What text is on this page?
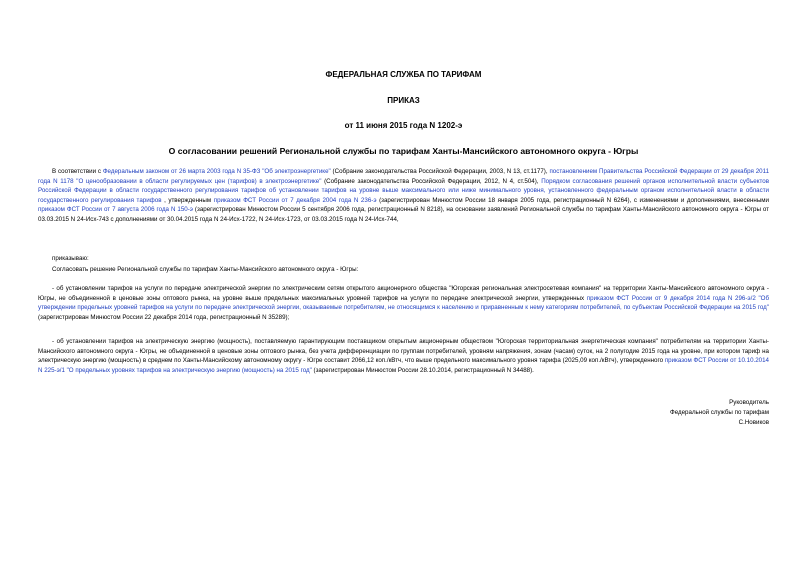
ФЕДЕРАЛЬНАЯ СЛУЖБА ПО ТАРИФАМ
ПРИКАЗ
от 11 июня 2015 года N 1202-э
О согласовании решений Региональной службы по тарифам Ханты-Мансийского автономного округа - Югры

В соответствии с Федеральным законом от 26 марта 2003 года N 35-ФЗ "Об электроэнергетике" (Собрание законодательства Российской Федерации, 2003, N 13, ст.1177), постановлением Правительства Российской Федерации от 29 декабря 2011 года N 1178 "О ценообразовании в области регулируемых цен (тарифов) в электроэнергетике" (Собрание законодательства Российской Федерации, 2012, N 4, ст.504), Порядком согласования решений органов исполнительной власти субъектов Российской Федерации в области государственного регулирования тарифов об установлении тарифов на уровне выше максимального или ниже минимального уровня, установленного федеральным органом исполнительной власти в области государственного регулирования тарифов , утвержденным приказом ФСТ России от 7 декабря 2004 года N 236-э (зарегистрирован Минюстом России 18 января 2005 года, регистрационный N 6264), с изменениями и дополнениями, внесенными приказом ФСТ России от 7 августа 2006 года N 150-э (зарегистрирован Минюстом России 5 сентября 2006 года, регистрационный N 8218), на основании заявлений Региональной службы по тарифам Ханты-Мансийского автономного округа - Югры от 03.03.2015 N 24-Исх-743 с дополнениями от 30.04.2015 года N 24-Исх-1722, N 24-Исх-1723, от 03.03.2015 года N 24-Исх-744,

приказываю:
Согласовать решение Региональной службы по тарифам Ханты-Мансийского автономного округа - Югры:

- об установлении тарифов на услуги по передаче электрической энергии по электрическим сетям открытого акционерного общества "Югорская региональная электросетевая компания" на территории Ханты-Мансийского автономного округа - Югры, не объединенной в ценовые зоны оптового рынка, на уровне выше предельных максимальных уровней тарифов на услуги по передаче электрической энергии, утвержденных приказом ФСТ России от 9 декабря 2014 года N 296-э/2 "Об утверждении предельных уровней тарифов на услуги по передаче электрической энергии, оказываемые потребителям, не относящимся к населению и приравненным к нему категориям потребителей, по субъектам Российской Федерации на 2015 год" (зарегистрирован Минюстом России 22 декабря 2014 года, регистрационный N 35289);

- об установлении тарифов на электрическую энергию (мощность), поставляемую гарантирующим поставщиком открытым акционерным обществом "Югорская территориальная энергетическая компания" потребителям на территории Ханты-Мансийского автономного округа - Югры, не объединенной в ценовые зоны оптового рынка, без учета дифференциации по группам потребителей, уровням напряжения, зонам (часам) суток, на 2 полугодие 2015 года на уровне, при котором тариф на электрическую энергию (мощность) в среднем по Ханты-Мансийскому автономному округу - Югре составит 2066,12 коп./кВтч, что выше предельного максимального уровня тарифа (2025,09 коп./кВтч), утвержденного приказом ФСТ России от 10.10.2014 N 225-э/1 "О предельных уровнях тарифов на электрическую энергию (мощность) на 2015 год" (зарегистрирован Минюстом России 28.10.2014, регистрационный N 34488).

Руководитель
Федеральной службы по тарифам
С.Новиков
